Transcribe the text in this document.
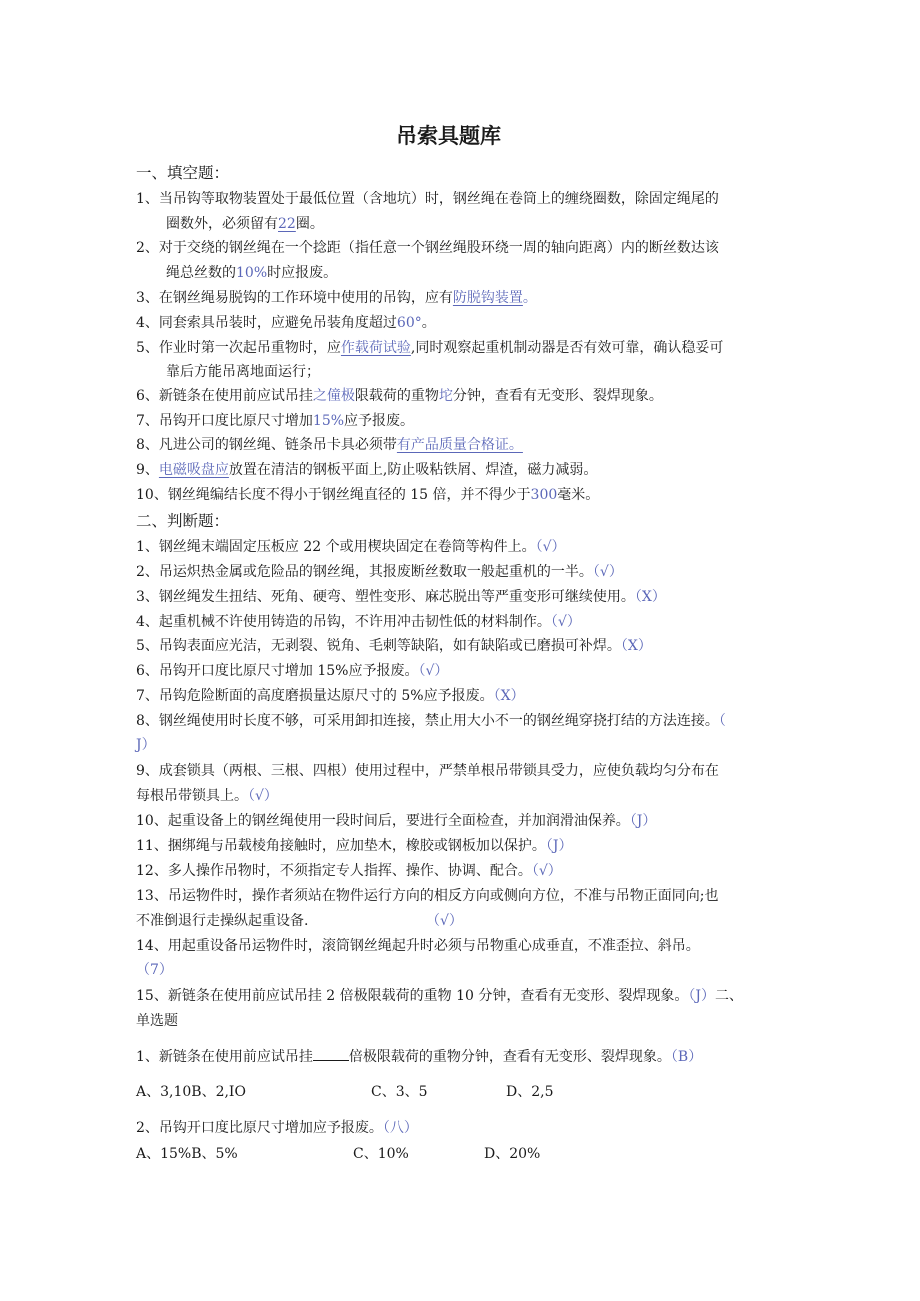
吊索具题库
一、填空题：
1、当吊钩等取物装置处于最低位置（含地坑）时，钢丝绳在卷筒上的缠绕圈数，除固定绳尾的
圈数外，必须留有22圈。
2、对于交绕的钢丝绳在一个捻距（指任意一个钢丝绳股环绕一周的轴向距离）内的断丝数达该
绳总丝数的10%时应报废。
3、在钢丝绳易脱钩的工作环境中使用的吊钩，应有防脱钩装置。
4、同套索具吊装时，应避免吊装角度超过60°。
5、作业时第一次起吊重物时，应作载荷试验,同时观察起重机制动器是否有效可靠，确认稳妥可
靠后方能吊离地面运行；
6、新链条在使用前应试吊挂之僮极限载荷的重物坨分钟，查看有无变形、裂焊现象。
7、吊钩开口度比原尺寸增加15%应予报废。
8、凡进公司的钢丝绳、链条吊卡具必须带有产品质量合格证。
9、电磁吸盘应放置在清洁的钢板平面上,防止吸粘铁屑、焊渣，磁力减弱。
10、钢丝绳编结长度不得小于钢丝绳直径的 15 倍，并不得少于300毫米。
二、判断题：
1、钢丝绳末端固定压板应 22 个或用楔块固定在卷筒等构件上。（√）
2、吊运炽热金属或危险品的钢丝绳，其报废断丝数取一般起重机的一半。（√）
3、钢丝绳发生扭结、死角、硬弯、塑性变形、麻芯脱出等严重变形可继续使用。（X）
4、起重机械不许使用铸造的吊钩，不许用冲击韧性低的材料制作。（√）
5、吊钩表面应光洁，无剥裂、锐角、毛刺等缺陷，如有缺陷或已磨损可补焊。（X）
6、吊钩开口度比原尺寸增加 15%应予报废。（√）
7、吊钩危险断面的高度磨损量达原尺寸的 5%应予报废。（X）
8、钢丝绳使用时长度不够，可采用卸扣连接，禁止用大小不一的钢丝绳穿挠打结的方法连接。（
J）
9、成套锁具（两根、三根、四根）使用过程中，严禁单根吊带锁具受力，应使负载均匀分布在
每根吊带锁具上。（√）
10、起重设备上的钢丝绳使用一段时间后，要进行全面检查，并加润滑油保养。（J）
11、捆绑绳与吊载棱角接触时，应加垫木，橡胶或钢板加以保护。（J）
12、多人操作吊物时，不须指定专人指挥、操作、协调、配合。（√）
13、吊运物件时，操作者须站在物件运行方向的相反方向或侧向方位，不准与吊物正面同向;也
不准倒退行走操纵起重设备.	（√）
14、用起重设备吊运物件时，滚筒钢丝绳起升时必须与吊物重心成垂直，不准歪拉、斜吊。
（7）
15、新链条在使用前应试吊挂 2 倍极限载荷的重物 10 分钟，查看有无变形、裂焊现象。（J）二、
单选题
1、新链条在使用前应试吊挂	倍极限载荷的重物分钟，查看有无变形、裂焊现象。（B）
A、3,10B、2,IO	C、3、5	D、2,5
2、吊钩开口度比原尺寸增加应予报废。（八）
A、15%B、5%	C、10%	D、20%
